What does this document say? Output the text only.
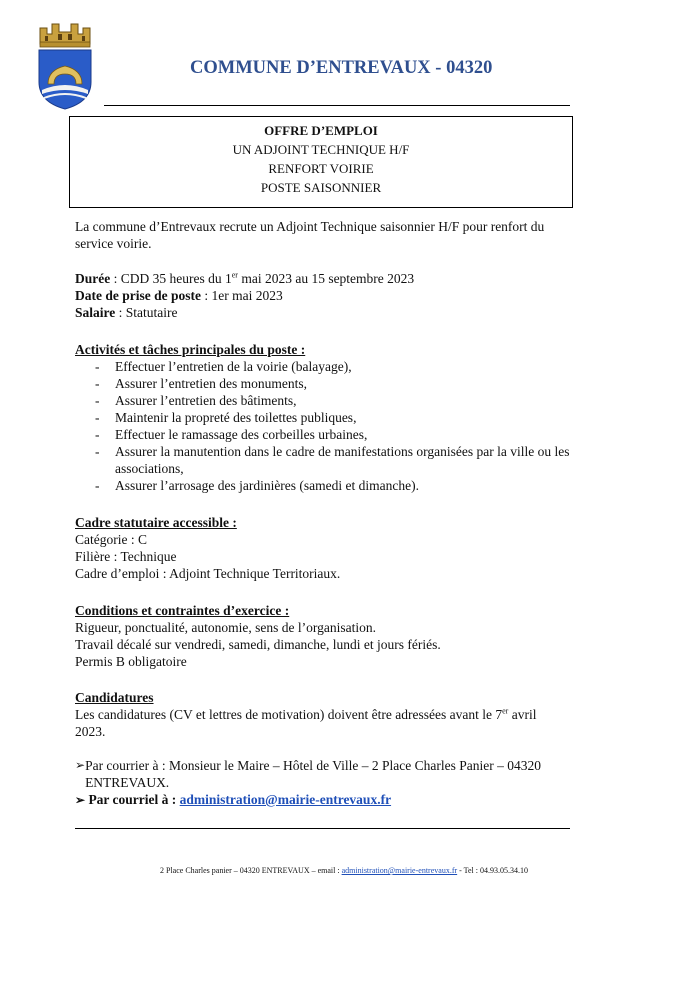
COMMUNE D’ENTREVAUX - 04320
OFFRE D’EMPLOI
UN ADJOINT TECHNIQUE H/F
RENFORT VOIRIE
POSTE SAISONNIER
La commune d’Entrevaux recrute un Adjoint Technique saisonnier H/F pour renfort du service voirie.
Durée : CDD 35 heures du 1er mai 2023 au 15 septembre 2023
Date de prise de poste : 1er mai 2023
Salaire : Statutaire
Activités et tâches principales du poste :
- Effectuer l’entretien de la voirie (balayage),
- Assurer l’entretien des monuments,
- Assurer l’entretien des bâtiments,
- Maintenir la propreté des toilettes publiques,
- Effectuer le ramassage des corbeilles urbaines,
- Assurer la manutention dans le cadre de manifestations organisées par la ville ou les associations,
- Assurer l’arrosage des jardinières (samedi et dimanche).
Cadre statutaire accessible :
Catégorie : C
Filière : Technique
Cadre d’emploi : Adjoint Technique Territoriaux.
Conditions et contraintes d’exercice :
Rigueur, ponctualité, autonomie, sens de l’organisation.
Travail décalé sur vendredi, samedi, dimanche, lundi et jours fériés.
Permis B obligatoire
Candidatures
Les candidatures (CV et lettres de motivation) doivent être adressées avant le 7er avril 2023.
➢ Par courrier à : Monsieur le Maire – Hôtel de Ville – 2 Place Charles Panier – 04320 ENTREVAUX.
➢ Par courriel à : administration@mairie-entrevaux.fr
2 Place Charles panier – 04320 ENTREVAUX – email : administration@mairie-entrevaux.fr - Tel : 04.93.05.34.10
